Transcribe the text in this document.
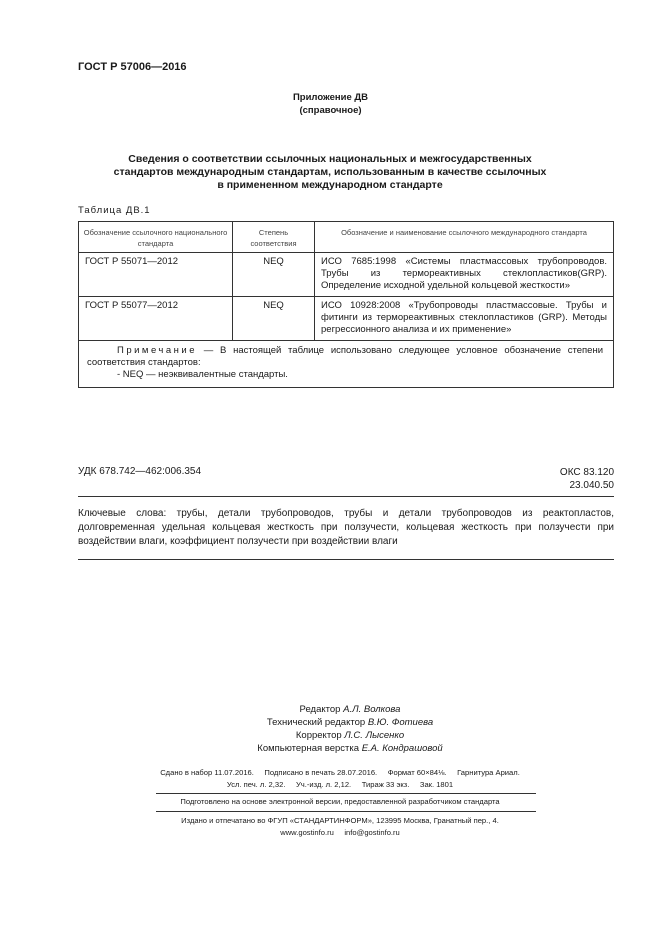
ГОСТ Р 57006—2016
Приложение ДВ
(справочное)
Сведения о соответствии ссылочных национальных и межгосударственных
стандартов международным стандартам, использованным в качестве ссылочных
в примененном международном стандарте
Таблица ДВ.1
Обозначение ссылочного национального стандарта	Степень соответствия	Обозначение и наименование ссылочного международного стандарта
ГОСТ Р 55071—2012	NEQ	ИСО 7685:1998 «Системы пластмассовых трубопроводов. Трубы из термореактивных стеклопластиков(GRP). Определение исходной удельной кольцевой жесткости»
ГОСТ Р 55077—2012	NEQ	ИСО 10928:2008 «Трубопроводы пластмассовые. Трубы и фитинги из термореактивных стеклопластиков (GRP). Методы регрессионного анализа и их применение»

Примечание — В настоящей таблице использовано следующее условное обозначение степени соответствия стандартов:
- NEQ — неэквивалентные стандарты.		
УДК 678.742—462:006.354	ОКС 83.120
23.040.50
Ключевые слова: трубы, детали трубопроводов, трубы и детали трубопроводов из реактопластов, долговременная удельная кольцевая жесткость при ползучести, кольцевая жесткость при ползучести при воздействии влаги, коэффициент ползучести при воздействии влаги
Редактор А.Л. Волкова
Технический редактор В.Ю. Фотиева
Корректор Л.С. Лысенко
Компьютерная верстка Е.А. Кондрашовой
Сдано в набор 11.07.2016.     Подписано в печать 28.07.2016.     Формат 60×84⅛.     Гарнитура Ариал.
Усл. печ. л. 2,32.     Уч.-изд. л. 2,12.     Тираж 33 экз.     Зак. 1801
Подготовлено на основе электронной версии, предоставленной разработчиком стандарта
Издано и отпечатано во ФГУП «СТАНДАРТИНФОРМ», 123995 Москва, Гранатный пер., 4.
www.gostinfo.ru     info@gostinfo.ru
